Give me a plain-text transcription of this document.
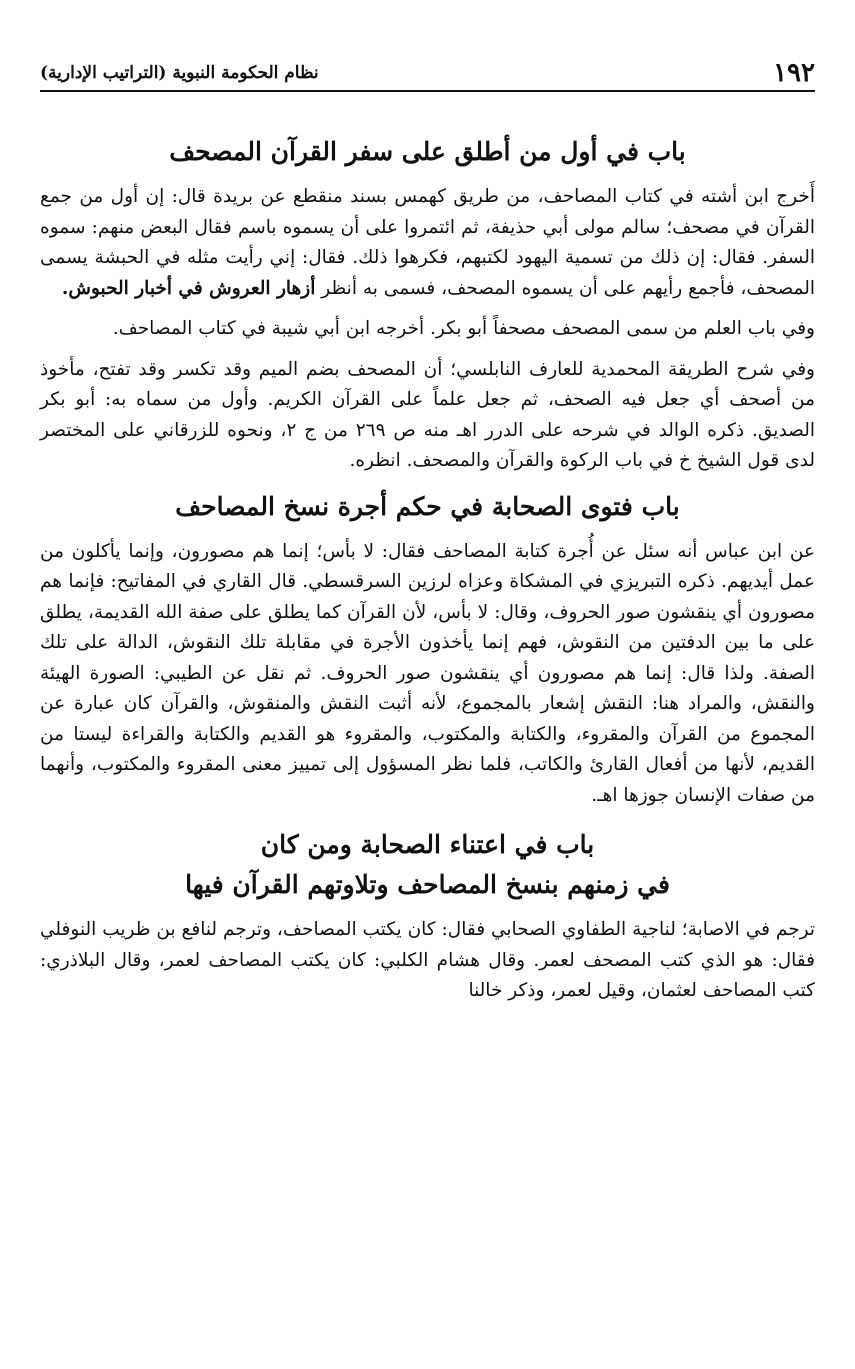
١٩٢
نظام الحكومة النبوية (التراتيب الإدارية)
باب في أول من أطلق على سفر القرآن المصحف

أَخرج ابن أشته في كتاب المصاحف، من طريق كهمس بسند منقطع عن بريدة قال: إن أول من جمع القرآن في مصحف؛ سالم مولى أبي حذيفة، ثم ائتمروا على أن يسموه باسم فقال البعض منهم: سموه السفر. فقال: إن ذلك من تسمية اليهود لكتبهم، فكرهوا ذلك. فقال: إني رأيت مثله في الحبشة يسمى المصحف، فأجمع رأيهم على أن يسموه المصحف، فسمى به أنظر أزهار العروش في أخبار الحبوش.

وفي باب العلم من سمى المصحف مصحفاً أبو بكر. أخرجه ابن أبي شيبة في كتاب المصاحف.

وفي شرح الطريقة المحمدية للعارف النابلسي؛ أن المصحف بضم الميم وقد تكسر وقد تفتح، مأخوذ من أصحف أي جعل فيه الصحف، ثم جعل علماً على القرآن الكريم. وأول من سماه به: أبو بكر الصديق. ذكره الوالد في شرحه على الدرر اهـ منه ص ٢٦٩ من ج ٢، ونحوه للزرقاني على المختصر لدى قول الشيخ خ في باب الركوة والقرآن والمصحف. انظره.

باب فتوى الصحابة في حكم أجرة نسخ المصاحف

عن ابن عباس أنه سئل عن أُجرة كتابة المصاحف فقال: لا بأس؛ إنما هم مصورون، وإنما يأكلون من عمل أيديهم. ذكره التبريزي في المشكاة وعزاه لرزين السرقسطي. قال القاري في المفاتيح: فإنما هم مصورون أي ينقشون صور الحروف، وقال: لا بأس، لأن القرآن كما يطلق على صفة الله القديمة، يطلق على ما بين الدفتين من النقوش، فهم إنما يأخذون الأجرة في مقابلة تلك النقوش، الدالة على تلك الصفة. ولذا قال: إنما هم مصورون أي ينقشون صور الحروف. ثم نقل عن الطيبي: الصورة الهيئة والنقش، والمراد هنا: النقش إشعار بالمجموع، لأنه أثبت النقش والمنقوش، والقرآن كان عبارة عن المجموع من القرآن والمقروء، والكتابة والمكتوب، والمقروء هو القديم والكتابة والقراءة ليستا من القديم، لأنها من أفعال القارئ والكاتب، فلما نظر المسؤول إلى تمييز معنى المقروء والمكتوب، وأنهما من صفات الإنسان جوزها اهـ.

باب في اعتناء الصحابة ومن كان
في زمنهم بنسخ المصاحف وتلاوتهم القرآن فيها

ترجم في الاصابة؛ لناجية الطفاوي الصحابي فقال: كان يكتب المصاحف، وترجم لنافع بن ظريب النوفلي فقال: هو الذي كتب المصحف لعمر. وقال هشام الكلبي: كان يكتب المصاحف لعمر، وقال البلاذري: كتب المصاحف لعثمان، وقيل لعمر، وذكر خالنا
